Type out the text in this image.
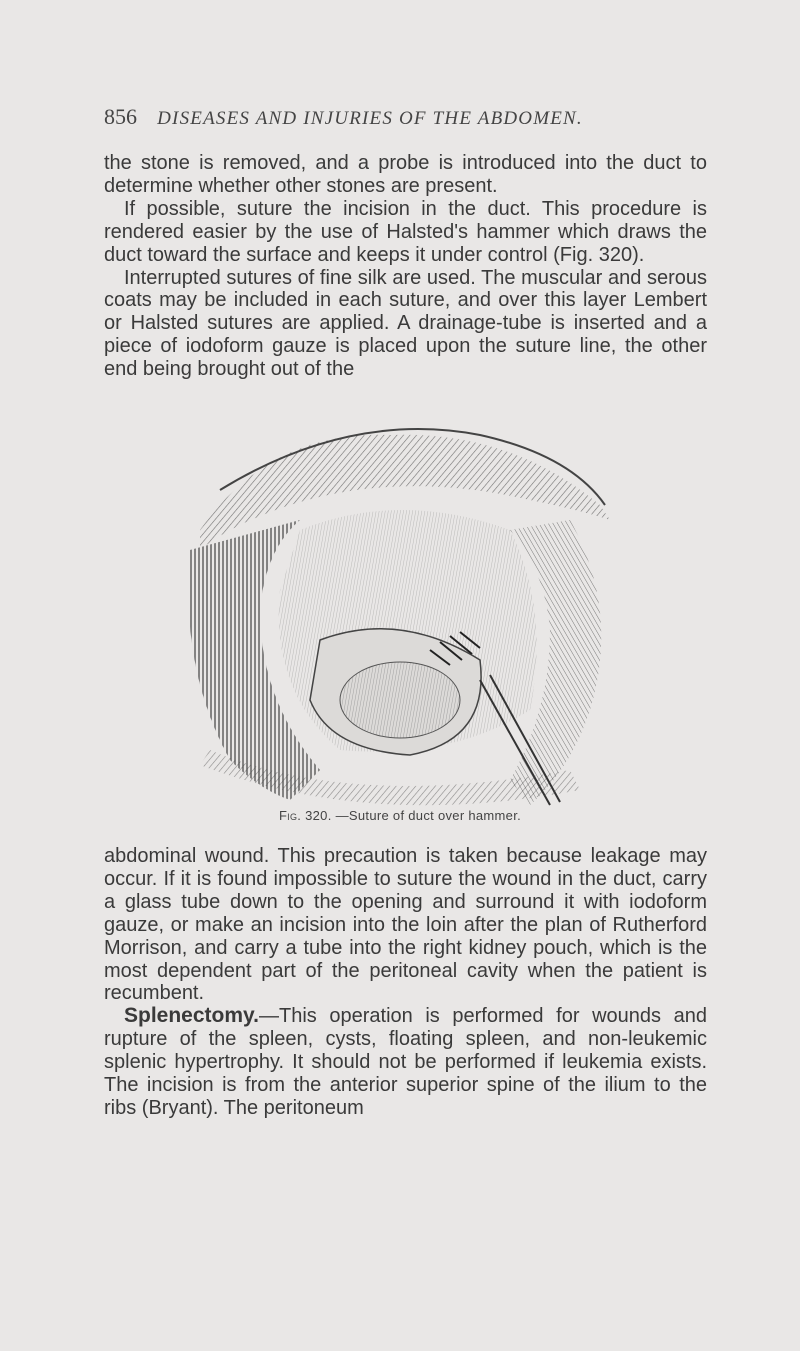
856 DISEASES AND INJURIES OF THE ABDOMEN.

the stone is removed, and a probe is introduced into the duct to determine whether other stones are present.

If possible, suture the incision in the duct. This procedure is rendered easier by the use of Halsted's hammer which draws the duct toward the surface and keeps it under control (Fig. 320).

Interrupted sutures of fine silk are used. The muscular and serous coats may be included in each suture, and over this layer Lembert or Halsted sutures are applied. A drainage-tube is inserted and a piece of iodoform gauze is placed upon the suture line, the other end being brought out of the

Fig. 320. —Suture of duct over hammer.

abdominal wound. This precaution is taken because leakage may occur. If it is found impossible to suture the wound in the duct, carry a glass tube down to the opening and surround it with iodoform gauze, or make an incision into the loin after the plan of Rutherford Morrison, and carry a tube into the right kidney pouch, which is the most dependent part of the peritoneal cavity when the patient is recumbent.

Splenectomy.—This operation is performed for wounds and rupture of the spleen, cysts, floating spleen, and non-leukemic splenic hypertrophy. It should not be performed if leukemia exists. The incision is from the anterior superior spine of the ilium to the ribs (Bryant). The peritoneum
